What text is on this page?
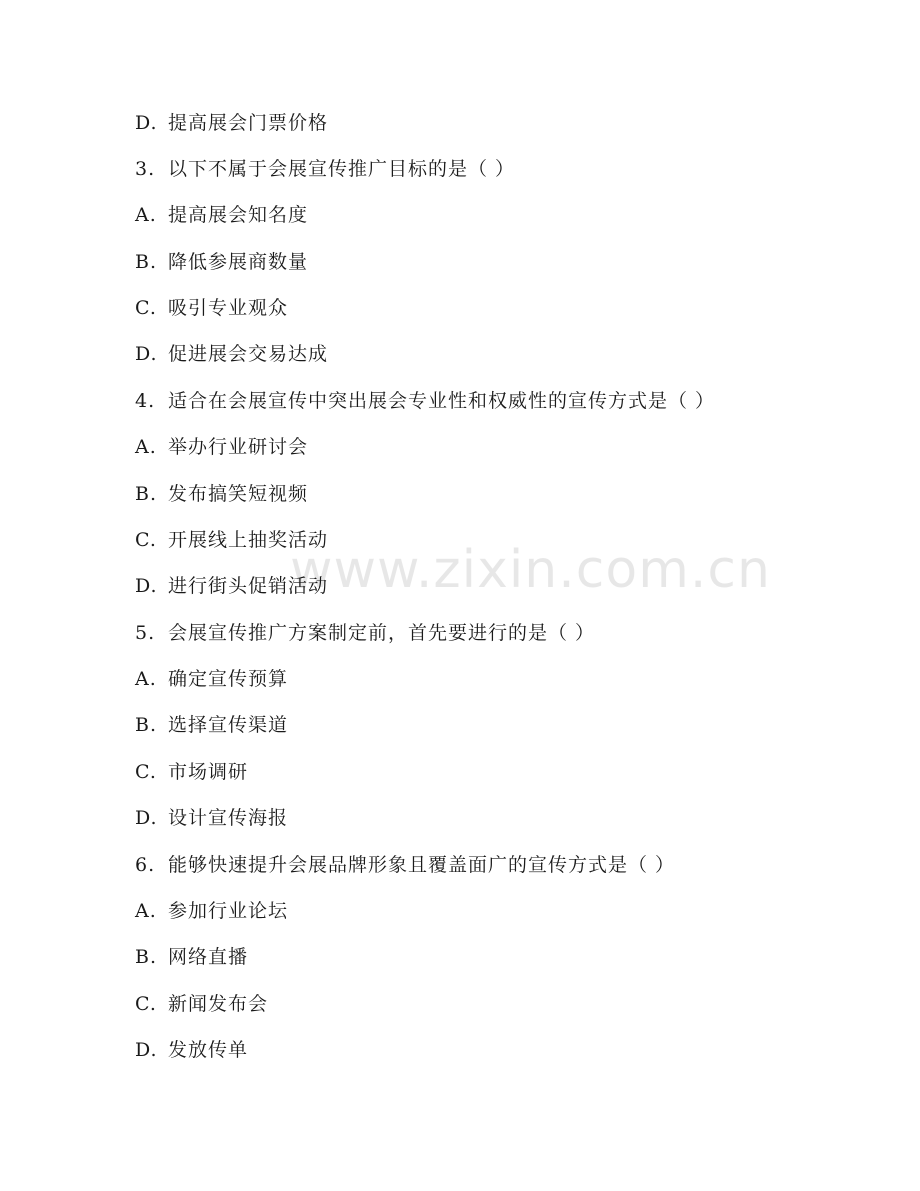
D. 提高展会门票价格
3. 以下不属于会展宣传推广目标的是（ ）
A. 提高展会知名度
B. 降低参展商数量
C. 吸引专业观众
D. 促进展会交易达成
4. 适合在会展宣传中突出展会专业性和权威性的宣传方式是（ ）
A. 举办行业研讨会
B. 发布搞笑短视频
C. 开展线上抽奖活动
D. 进行街头促销活动
5. 会展宣传推广方案制定前，首先要进行的是（ ）
A. 确定宣传预算
B. 选择宣传渠道
C. 市场调研
D. 设计宣传海报
6. 能够快速提升会展品牌形象且覆盖面广的宣传方式是（ ）
A. 参加行业论坛
B. 网络直播
C. 新闻发布会
D. 发放传单
www.zixin.com.cn
